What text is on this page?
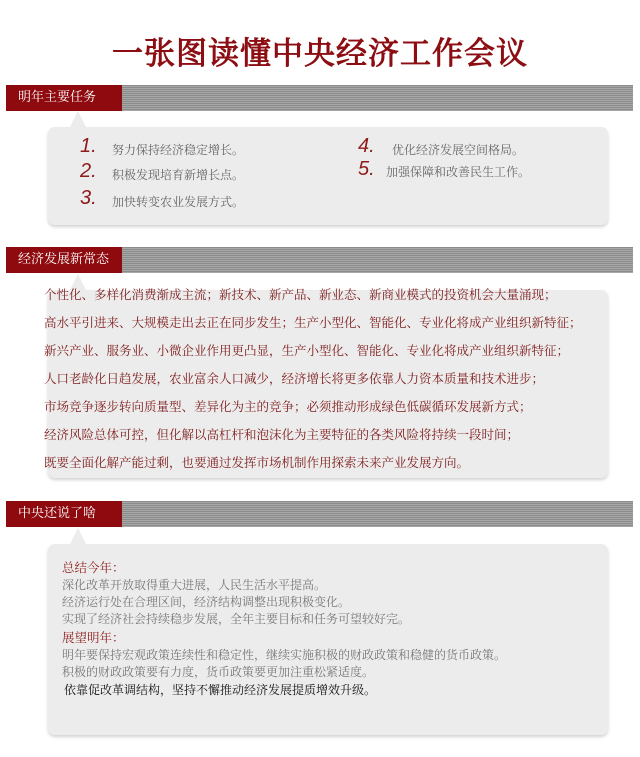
一张图读懂中央经济工作会议
明年主要任务
1. 努力保持经济稳定增长。
2. 积极发现培育新增长点。
3. 加快转变农业发展方式。
4. 优化经济发展空间格局。
5. 加强保障和改善民生工作。
经济发展新常态
个性化、多样化消费渐成主流；新技术、新产品、新业态、新商业模式的投资机会大量涌现；
高水平引进来、大规模走出去正在同步发生；生产小型化、智能化、专业化将成产业组织新特征；
新兴产业、服务业、小微企业作用更凸显，生产小型化、智能化、专业化将成产业组织新特征；
人口老龄化日趋发展，农业富余人口减少，经济增长将更多依靠人力资本质量和技术进步；
市场竞争逐步转向质量型、差异化为主的竞争；必须推动形成绿色低碳循环发展新方式；
经济风险总体可控，但化解以高杠杆和泡沫化为主要特征的各类风险将持续一段时间；
既要全面化解产能过剩，也要通过发挥市场机制作用探索未来产业发展方向。
中央还说了啥
总结今年：
深化改革开放取得重大进展，人民生活水平提高。
经济运行处在合理区间，经济结构调整出现积极变化。
实现了经济社会持续稳步发展，全年主要目标和任务可望较好完。
展望明年：
明年要保持宏观政策连续性和稳定性，继续实施积极的财政政策和稳健的货币政策。
积极的财政政策要有力度，货币政策要更加注重松紧适度。
依靠促改革调结构，坚持不懈推动经济发展提质增效升级。
